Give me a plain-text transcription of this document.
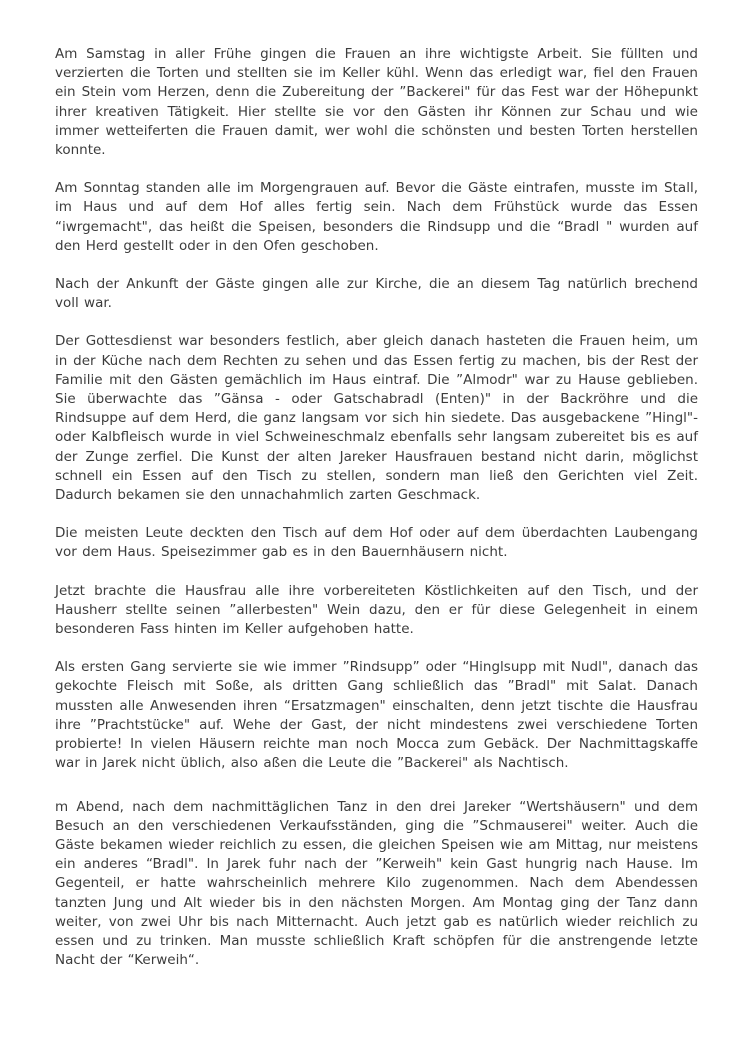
Am Samstag in aller Frühe gingen die Frauen an ihre wichtigste Arbeit. Sie füllten und verzierten die Torten und stellten sie im Keller kühl. Wenn das erledigt war, fiel den Frauen ein Stein vom Herzen, denn die Zubereitung der ”Backerei" für das Fest war der Höhepunkt ihrer kreativen Tätigkeit. Hier stellte sie vor den Gästen ihr Können zur Schau und wie immer wetteiferten die Frauen damit, wer wohl die schönsten und besten Torten herstellen konnte.

Am Sonntag standen alle im Morgengrauen auf. Bevor die Gäste eintrafen, musste im Stall, im Haus und auf dem Hof alles fertig sein. Nach dem Frühstück wurde das Essen “iwrgemacht", das heißt die Speisen, besonders die Rindsupp und die “Bradl " wurden auf den Herd gestellt oder in den Ofen geschoben.

Nach der Ankunft der Gäste gingen alle zur Kirche, die an diesem Tag natürlich brechend voll war.

Der Gottesdienst war besonders festlich, aber gleich danach hasteten die Frauen heim, um in der Küche nach dem Rechten zu sehen und das Essen fertig zu machen, bis der Rest der Familie mit den Gästen gemächlich im Haus eintraf. Die ”Almodr" war zu Hause geblieben. Sie überwachte das ”Gänsa - oder Gatschabradl (Enten)" in der Backröhre und die Rindsuppe auf dem Herd, die ganz langsam vor sich hin siedete. Das ausgebackene ”Hingl"- oder Kalbfleisch wurde in viel Schweineschmalz ebenfalls sehr langsam zubereitet bis es auf der Zunge zerfiel. Die Kunst der alten Jareker Hausfrauen bestand nicht darin, möglichst schnell ein Essen auf den Tisch zu stellen, sondern man ließ den Gerichten viel Zeit. Dadurch bekamen sie den unnachahmlich zarten Geschmack.

Die meisten Leute deckten den Tisch auf dem Hof oder auf dem überdachten Laubengang vor dem Haus. Speisezimmer gab es in den Bauernhäusern nicht.

Jetzt brachte die Hausfrau alle ihre vorbereiteten Köstlichkeiten auf den Tisch, und der Hausherr stellte seinen ”allerbesten" Wein dazu, den er für diese Gelegenheit in einem besonderen Fass hinten im Keller aufgehoben hatte.

Als ersten Gang servierte sie wie immer ”Rindsupp” oder “Hinglsupp mit Nudl", danach das gekochte Fleisch mit Soße, als dritten Gang schließlich das ”Bradl" mit Salat. Danach mussten alle Anwesenden ihren “Ersatzmagen" einschalten, denn jetzt tischte die Hausfrau ihre ”Prachtstücke" auf. Wehe der Gast, der nicht mindestens zwei verschiedene Torten probierte! In vielen Häusern reichte man noch Mocca zum Gebäck. Der Nachmittagskaffe war in Jarek nicht üblich, also aßen die Leute die ”Backerei" als Nachtisch.

m Abend, nach dem nachmittäglichen Tanz in den drei Jareker “Wertshäusern" und dem Besuch an den verschiedenen Verkaufsständen, ging die ”Schmauserei" weiter. Auch die Gäste bekamen wieder reichlich zu essen, die gleichen Speisen wie am Mittag, nur meistens ein anderes “Bradl". In Jarek fuhr nach der ”Kerweih" kein Gast hungrig nach Hause. Im Gegenteil, er hatte wahrscheinlich mehrere Kilo zugenommen. Nach dem Abendessen tanzten Jung und Alt wieder bis in den nächsten Morgen. Am Montag ging der Tanz dann weiter, von zwei Uhr bis nach Mitternacht. Auch jetzt gab es natürlich wieder reichlich zu essen und zu trinken. Man musste schließlich Kraft schöpfen für die anstrengende letzte Nacht der “Kerweih“.
